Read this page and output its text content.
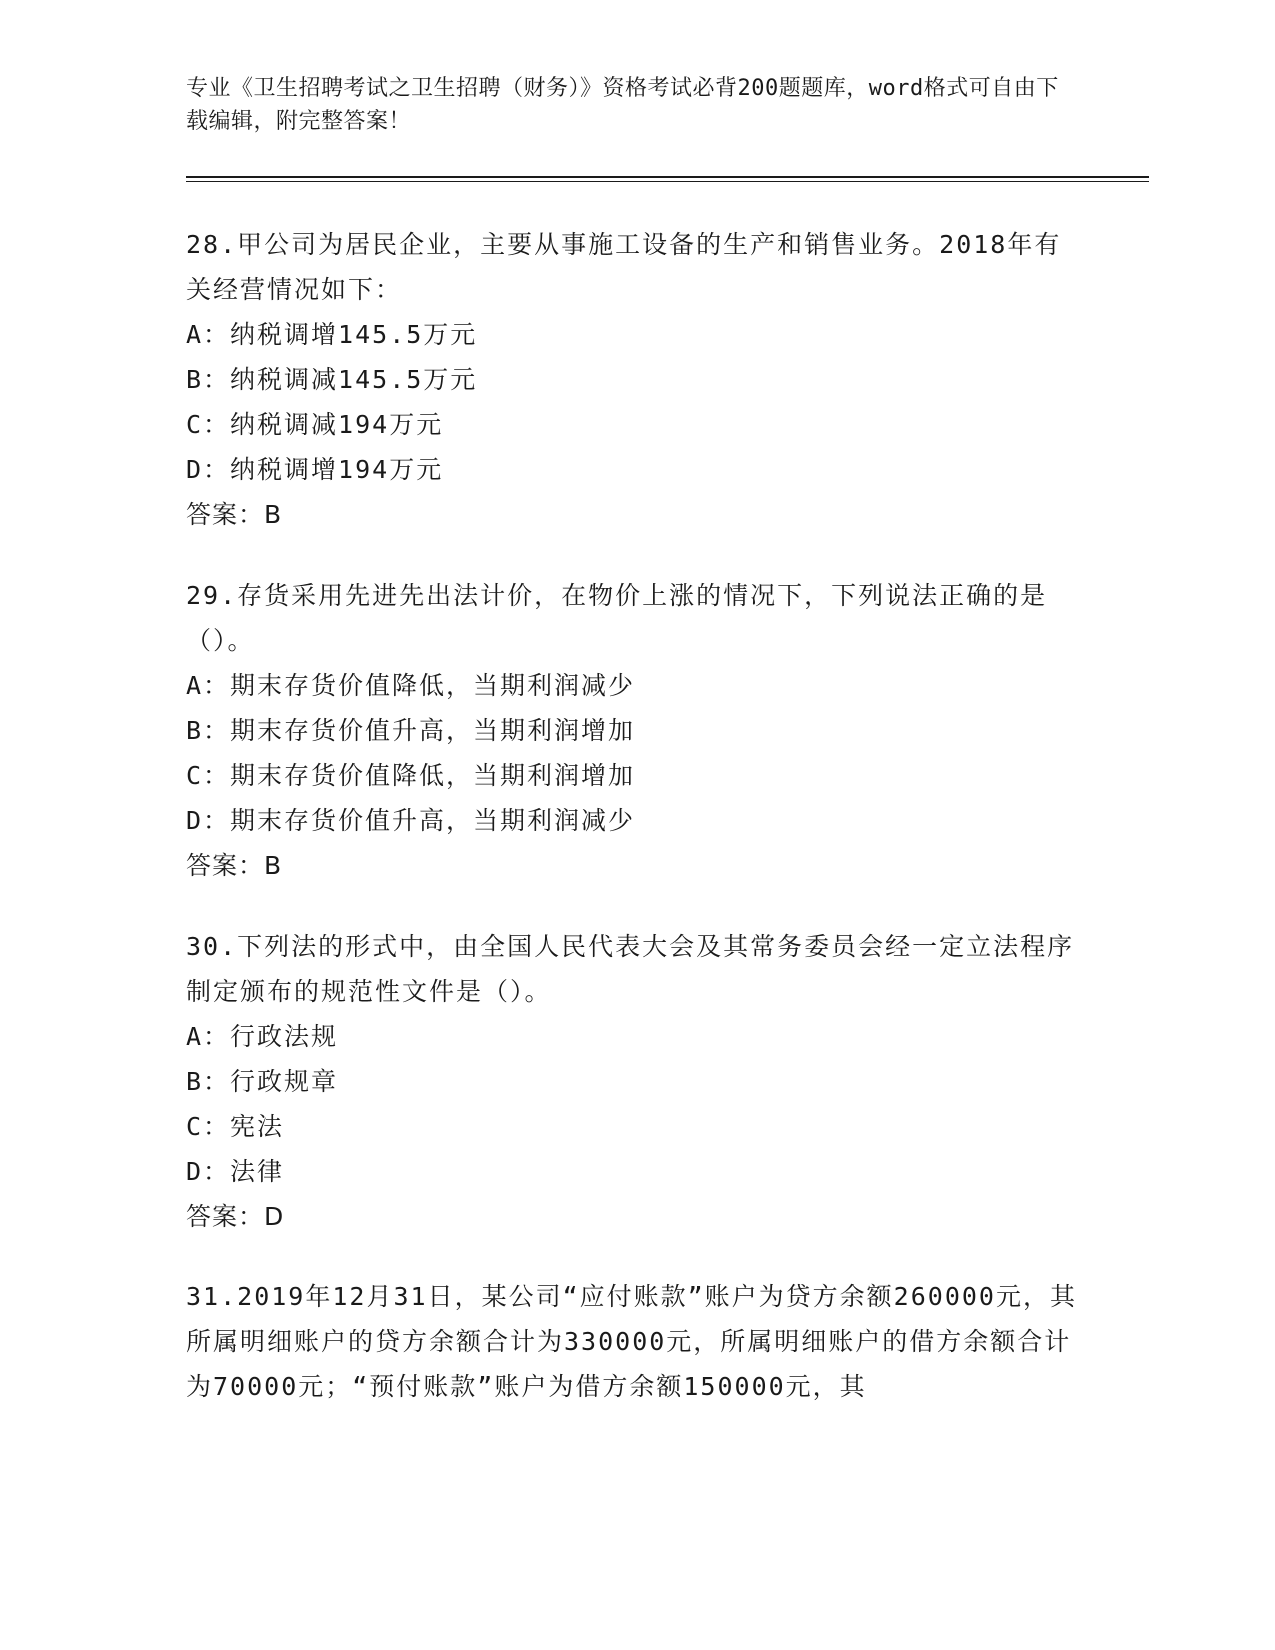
专业《卫生招聘考试之卫生招聘（财务）》资格考试必背200题题库，word格式可自由下载编辑，附完整答案！

28.甲公司为居民企业，主要从事施工设备的生产和销售业务。2018年有关经营情况如下：

A：纳税调增145.5万元

B：纳税调减145.5万元

C：纳税调减194万元

D：纳税调增194万元

答案：B

29.存货采用先进先出法计价，在物价上涨的情况下，下列说法正确的是（）。

A：期末存货价值降低，当期利润减少

B：期末存货价值升高，当期利润增加

C：期末存货价值降低，当期利润增加

D：期末存货价值升高，当期利润减少

答案：B

30.下列法的形式中，由全国人民代表大会及其常务委员会经一定立法程序制定颁布的规范性文件是（）。

A：行政法规

B：行政规章

C：宪法

D：法律

答案：D

31.2019年12月31日，某公司“应付账款”账户为贷方余额260000元，其所属明细账户的贷方余额合计为330000元，所属明细账户的借方余额合计为70000元；“预付账款”账户为借方余额150000元，其
